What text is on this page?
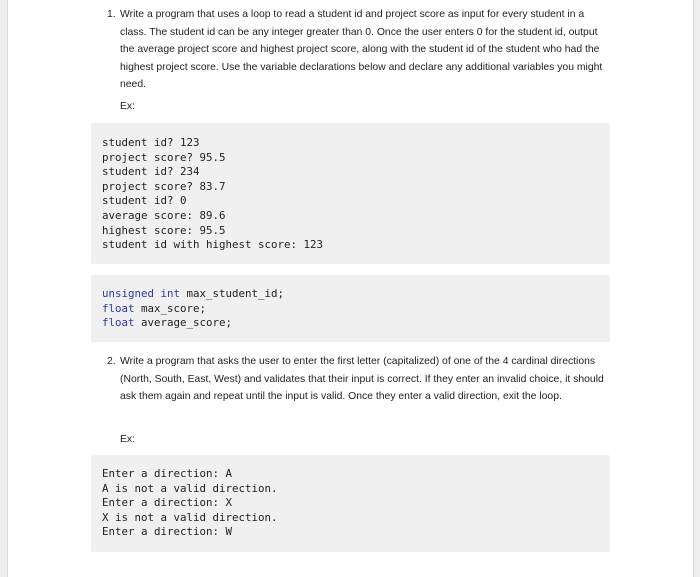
1. Write a program that uses a loop to read a student id and project score as input for every student in a class. The student id can be any integer greater than 0. Once the user enters 0 for the student id, output the average project score and highest project score, along with the student id of the student who had the highest project score. Use the variable declarations below and declare any additional variables you might need.
Ex:
student id? 123
project score? 95.5
student id? 234
project score? 83.7
student id? 0
average score: 89.6
highest score: 95.5
student id with highest score: 123
unsigned int max_student_id;
float max_score;
float average_score;
2. Write a program that asks the user to enter the first letter (capitalized) of one of the 4 cardinal directions (North, South, East, West) and validates that their input is correct. If they enter an invalid choice, it should ask them again and repeat until the input is valid. Once they enter a valid direction, exit the loop.
Ex:
Enter a direction: A
A is not a valid direction.
Enter a direction: X
X is not a valid direction.
Enter a direction: W
